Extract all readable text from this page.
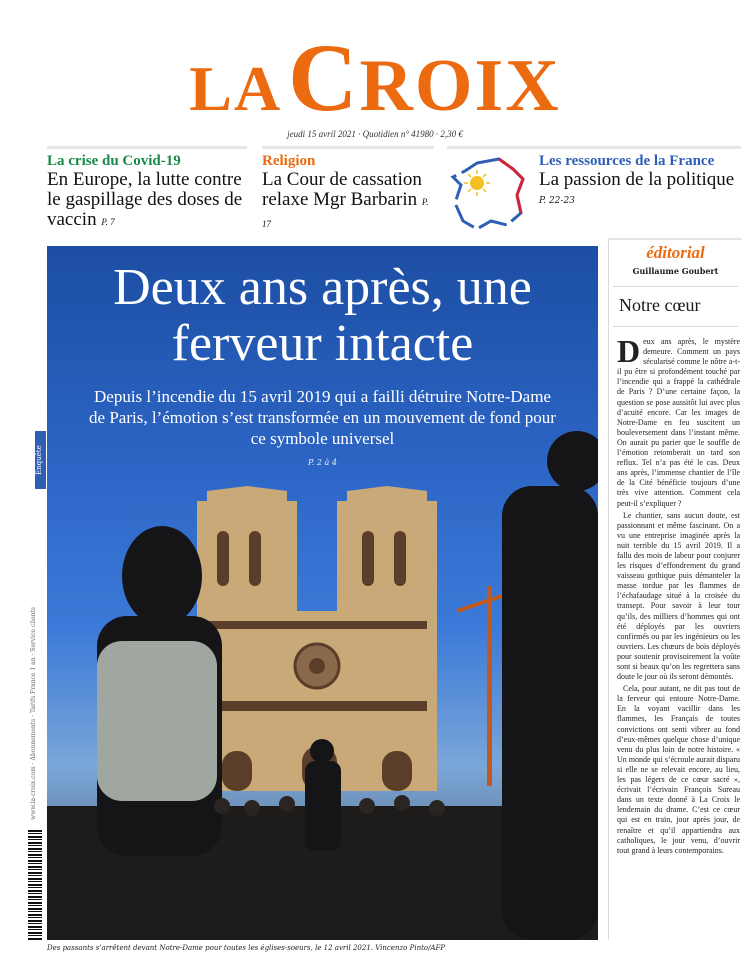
LA CROIX
jeudi 15 avril 2021 · Quotidien n° 41980 · 2,30 €
La crise du Covid-19
En Europe, la lutte contre le gaspillage des doses de vaccin P. 7
Religion
La Cour de cassation relaxe Mgr Barbarin P. 17
Les ressources de la France
La passion de la politique
P. 22-23
www.la-croix.com · Abonnements · Tarifs France 1 an · Service clients
Deux ans après, une ferveur intacte
Depuis l’incendie du 15 avril 2019 qui a failli détruire Notre-Dame de Paris, l’émotion s’est transformée en un mouvement de fond pour ce symbole universel
P. 2 à 4
Enquête
Des passants s’arrêtent devant Notre-Dame pour toutes les églises-soeurs, le 12 avril 2021. Vincenzo Pinto/AFP
éditorial
Guillaume Goubert
Notre cœur
D eux ans après, le mystère demeure. Comment un pays sécularisé comme le nôtre a-t-il pu être si profondément touché par l’incendie qui a frappé la cathédrale de Paris ? D’une certaine façon, la question se pose aussitôt lui avec plus d’acuité encore. Car les images de Notre-Dame en feu suscitent un bouleversement dans l’instant même. On aurait pu parier que le souffle de l’émotion retomberait un tard son reflux. Tel n’a pas été le cas. Deux ans après, l’immense chantier de l’île de la Cité bénéficie toujours d’une très vive attention. Comment cela peut-il s’expliquer ?

Le chantier, sans aucun doute, est passionnant et même fascinant. On a vu une entreprise imaginée après la nuit terrible du 15 avril 2019. Il a fallu des mois de labeur pour conjurer les risques d’effondrement du grand vaisseau gothique puis démanteler la masse tordue par les flammes de l’échafaudage situé à la croisée du transept. Pour savoir à leur tour qu’ils, des milliers d’hommes qui ont été déployés par les ouvriers confirmés ou par les ingénieurs ou les ouvriers. Les chœurs de bois déployés pour soutenir provisoirement la voûte sont si beaux qu’on les regrettera sans doute le jour où ils seront démontés.

Cela, pour autant, ne dit pas tout de la ferveur qui entoure Notre-Dame. En la voyant vacillir dans les flammes, les Français de toutes convictions ont senti vibrer au fond d’eux-mêmes quelque chose d’unique venu du plus loin de notre histoire. « Un monde qui s’écroule aurait disparu si elle ne se relevait encore, au lieu, les pas légers de ce cœur sacré », écrivait l’écrivain François Sureau dans un texte donné à La Croix le lendemain du drame. C’est ce cœur qui est en train, jour après jour, de renaître et qu’il appartiendra aux catholiques, le jour venu, d’ouvrir tout grand à leurs contemporains.
